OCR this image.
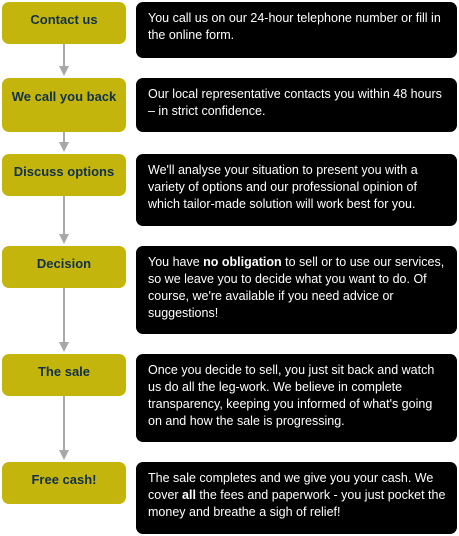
Contact us	You call us on our 24-hour telephone number or fill in the online form.
We call you back	Our local representative contacts you within 48 hours – in strict confidence.
Discuss options	We'll analyse your situation to present you with a variety of options and our professional opinion of which tailor-made solution will work best for you.
Decision	You have no obligation to sell or to use our services, so we leave you to decide what you want to do. Of course, we're available if you need advice or suggestions!
The sale	Once you decide to sell, you just sit back and watch us do all the leg-work. We believe in complete transparency, keeping you informed of what's going on and how the sale is progressing.
Free cash!	The sale completes and we give you your cash. We cover all the fees and paperwork - you just pocket the money and breathe a sigh of relief!
